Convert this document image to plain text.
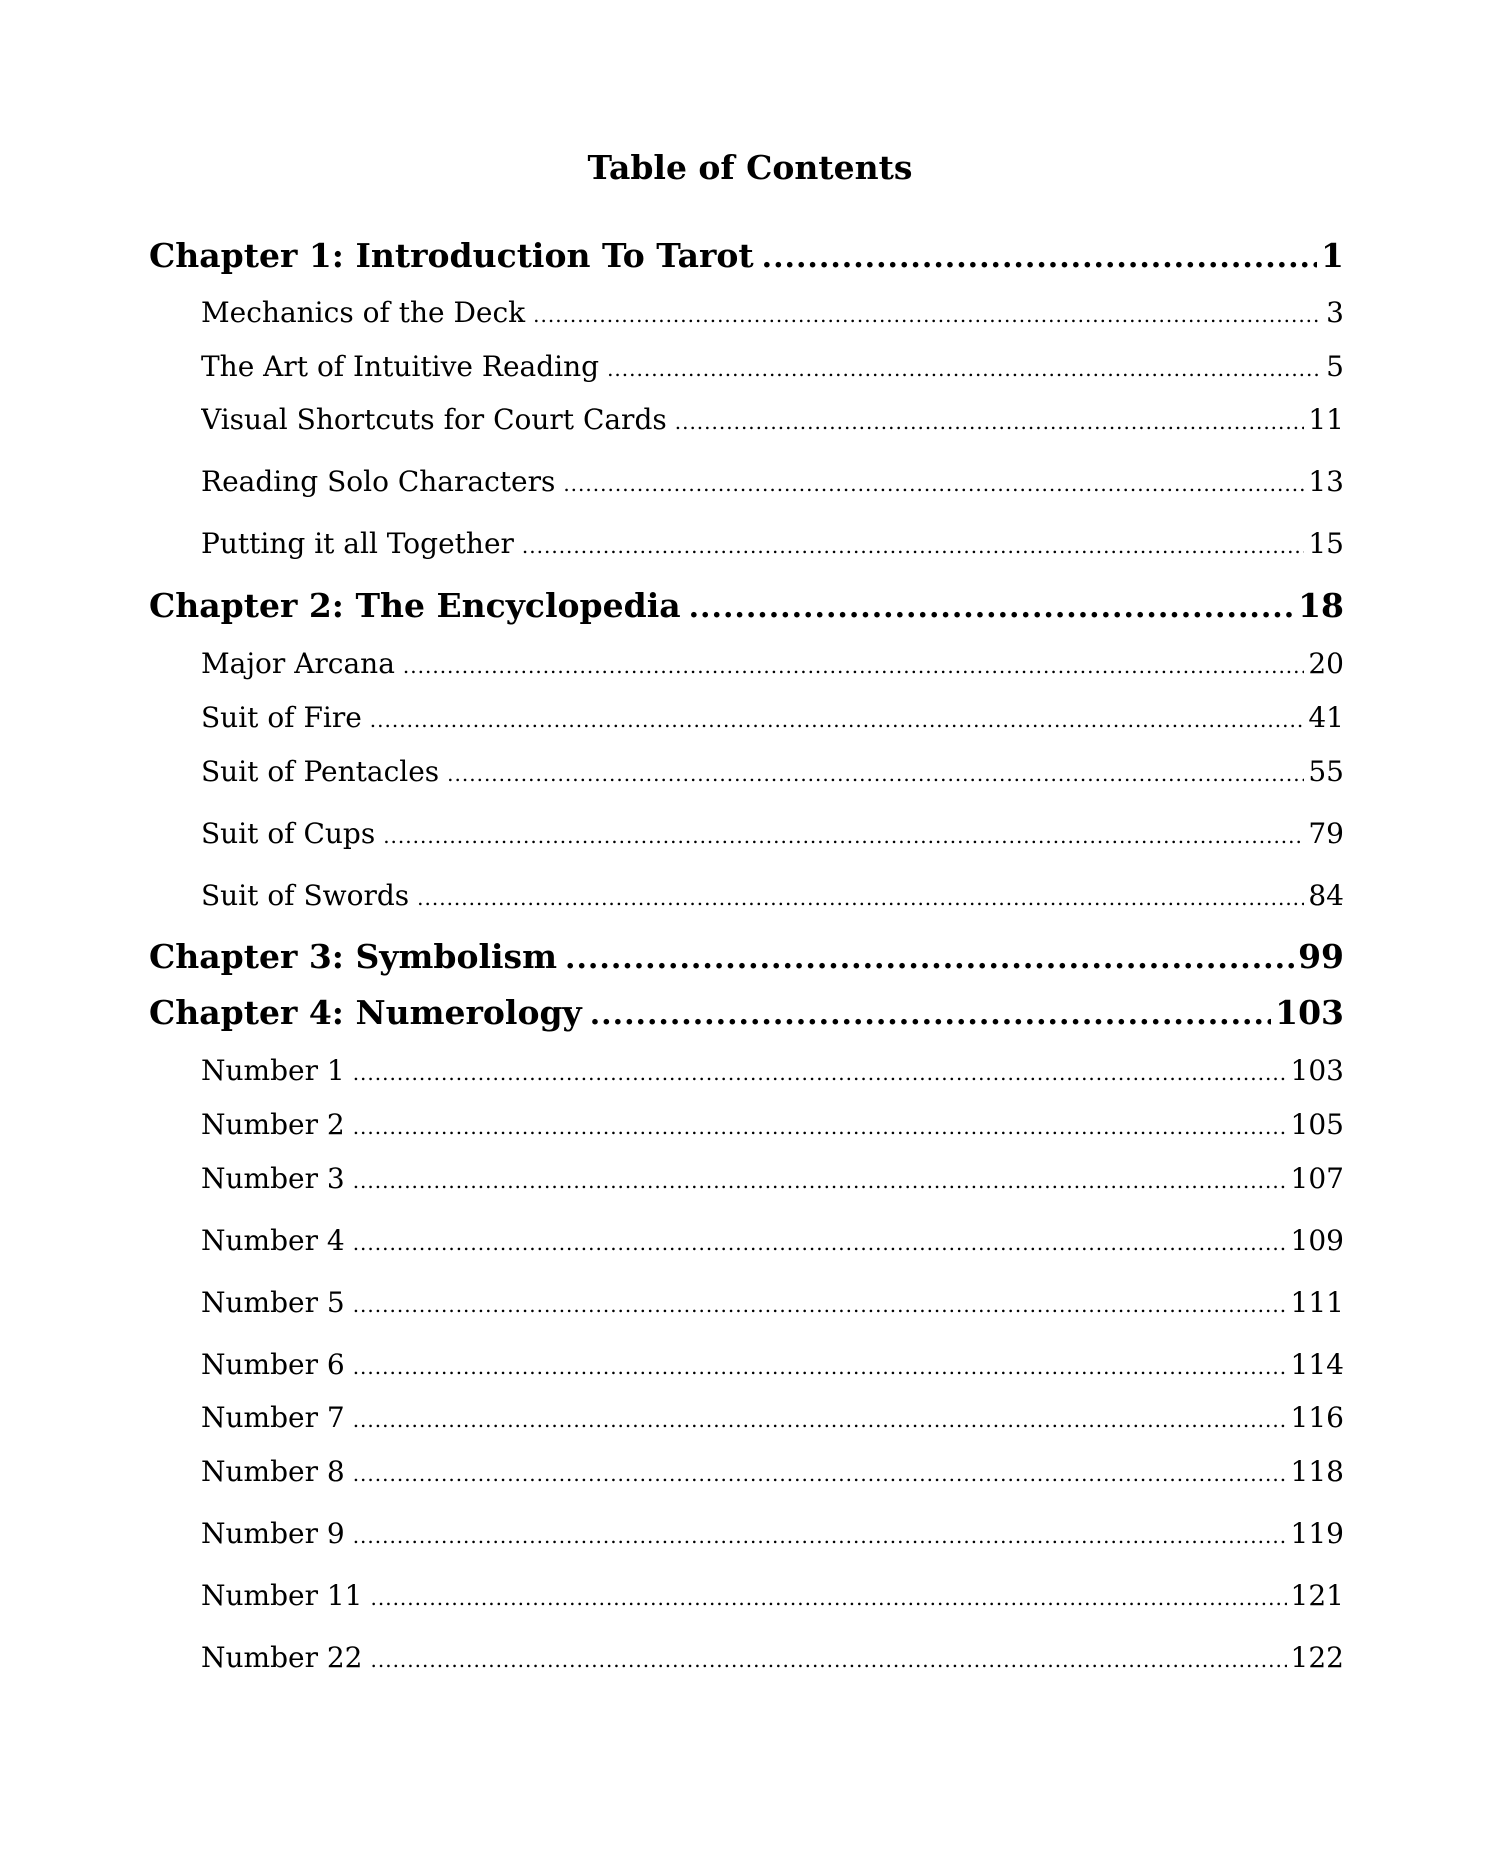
Table of Contents
Chapter 1: Introduction To Tarot .....	1
Mechanics of the Deck .....	3
The Art of Intuitive Reading .....	5
Visual Shortcuts for Court Cards .....	11
Reading Solo Characters .....	13
Putting it all Together .....	15
Chapter 2: The Encyclopedia .....	18
Major Arcana .....	20
Suit of Fire .....	41
Suit of Pentacles .....	55
Suit of Cups .....	79
Suit of Swords .....	84
Chapter 3: Symbolism .....	99
Chapter 4: Numerology .....	103
Number 1 .....	103
Number 2 .....	105
Number 3 .....	107
Number 4 .....	109
Number 5 .....	111
Number 6 .....	114
Number 7 .....	116
Number 8 .....	118
Number 9 .....	119
Number 11 .....	121
Number 22 .....	122
